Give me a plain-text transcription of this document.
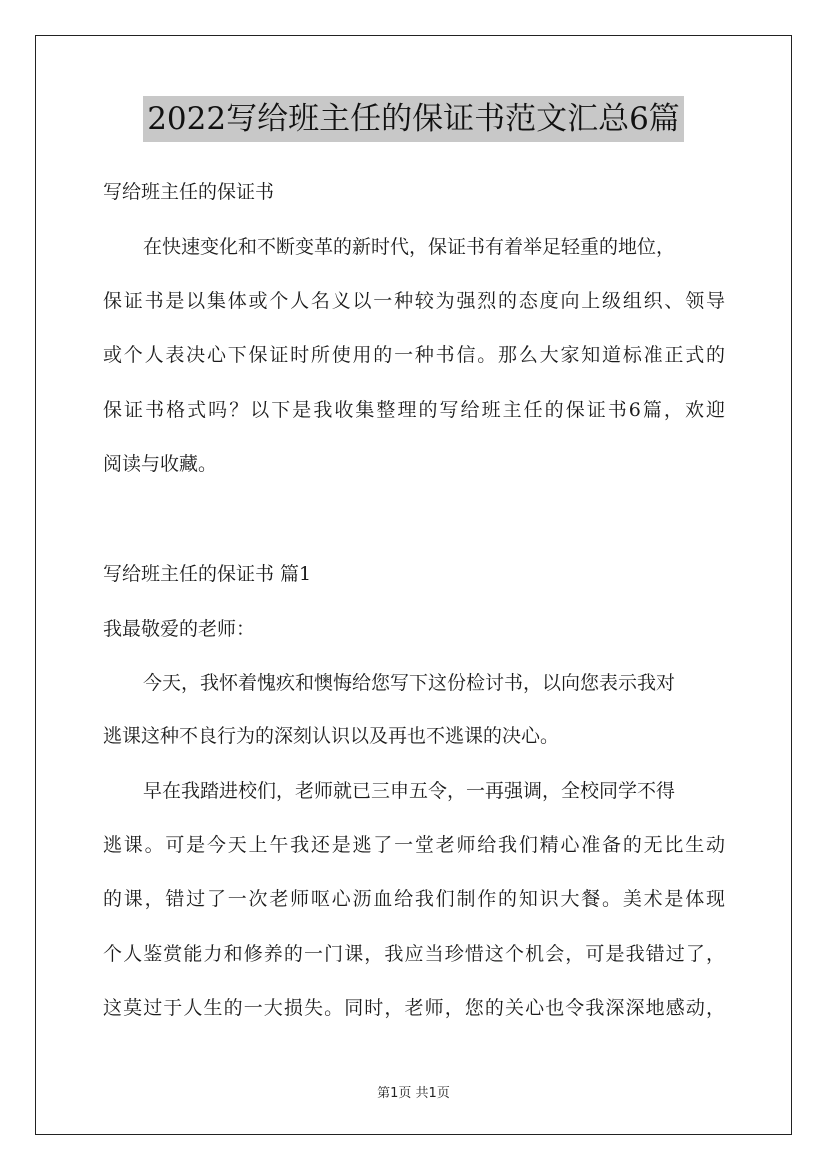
2022写给班主任的保证书范文汇总6篇
写给班主任的保证书
在快速变化和不断变革的新时代，保证书有着举足轻重的地位，
保证书是以集体或个人名义以一种较为强烈的态度向上级组织、领导
或个人表决心下保证时所使用的一种书信。那么大家知道标准正式的
保证书格式吗？以下是我收集整理的写给班主任的保证书6篇，欢迎
阅读与收藏。
写给班主任的保证书 篇1
我最敬爱的老师：
今天，我怀着愧疚和懊悔给您写下这份检讨书，以向您表示我对
逃课这种不良行为的深刻认识以及再也不逃课的决心。
早在我踏进校们，老师就已三申五令，一再强调，全校同学不得
逃课。可是今天上午我还是逃了一堂老师给我们精心准备的无比生动
的课，错过了一次老师呕心沥血给我们制作的知识大餐。美术是体现
个人鉴赏能力和修养的一门课，我应当珍惜这个机会，可是我错过了，
这莫过于人生的一大损失。同时，老师，您的关心也令我深深地感动，
第1页 共1页
